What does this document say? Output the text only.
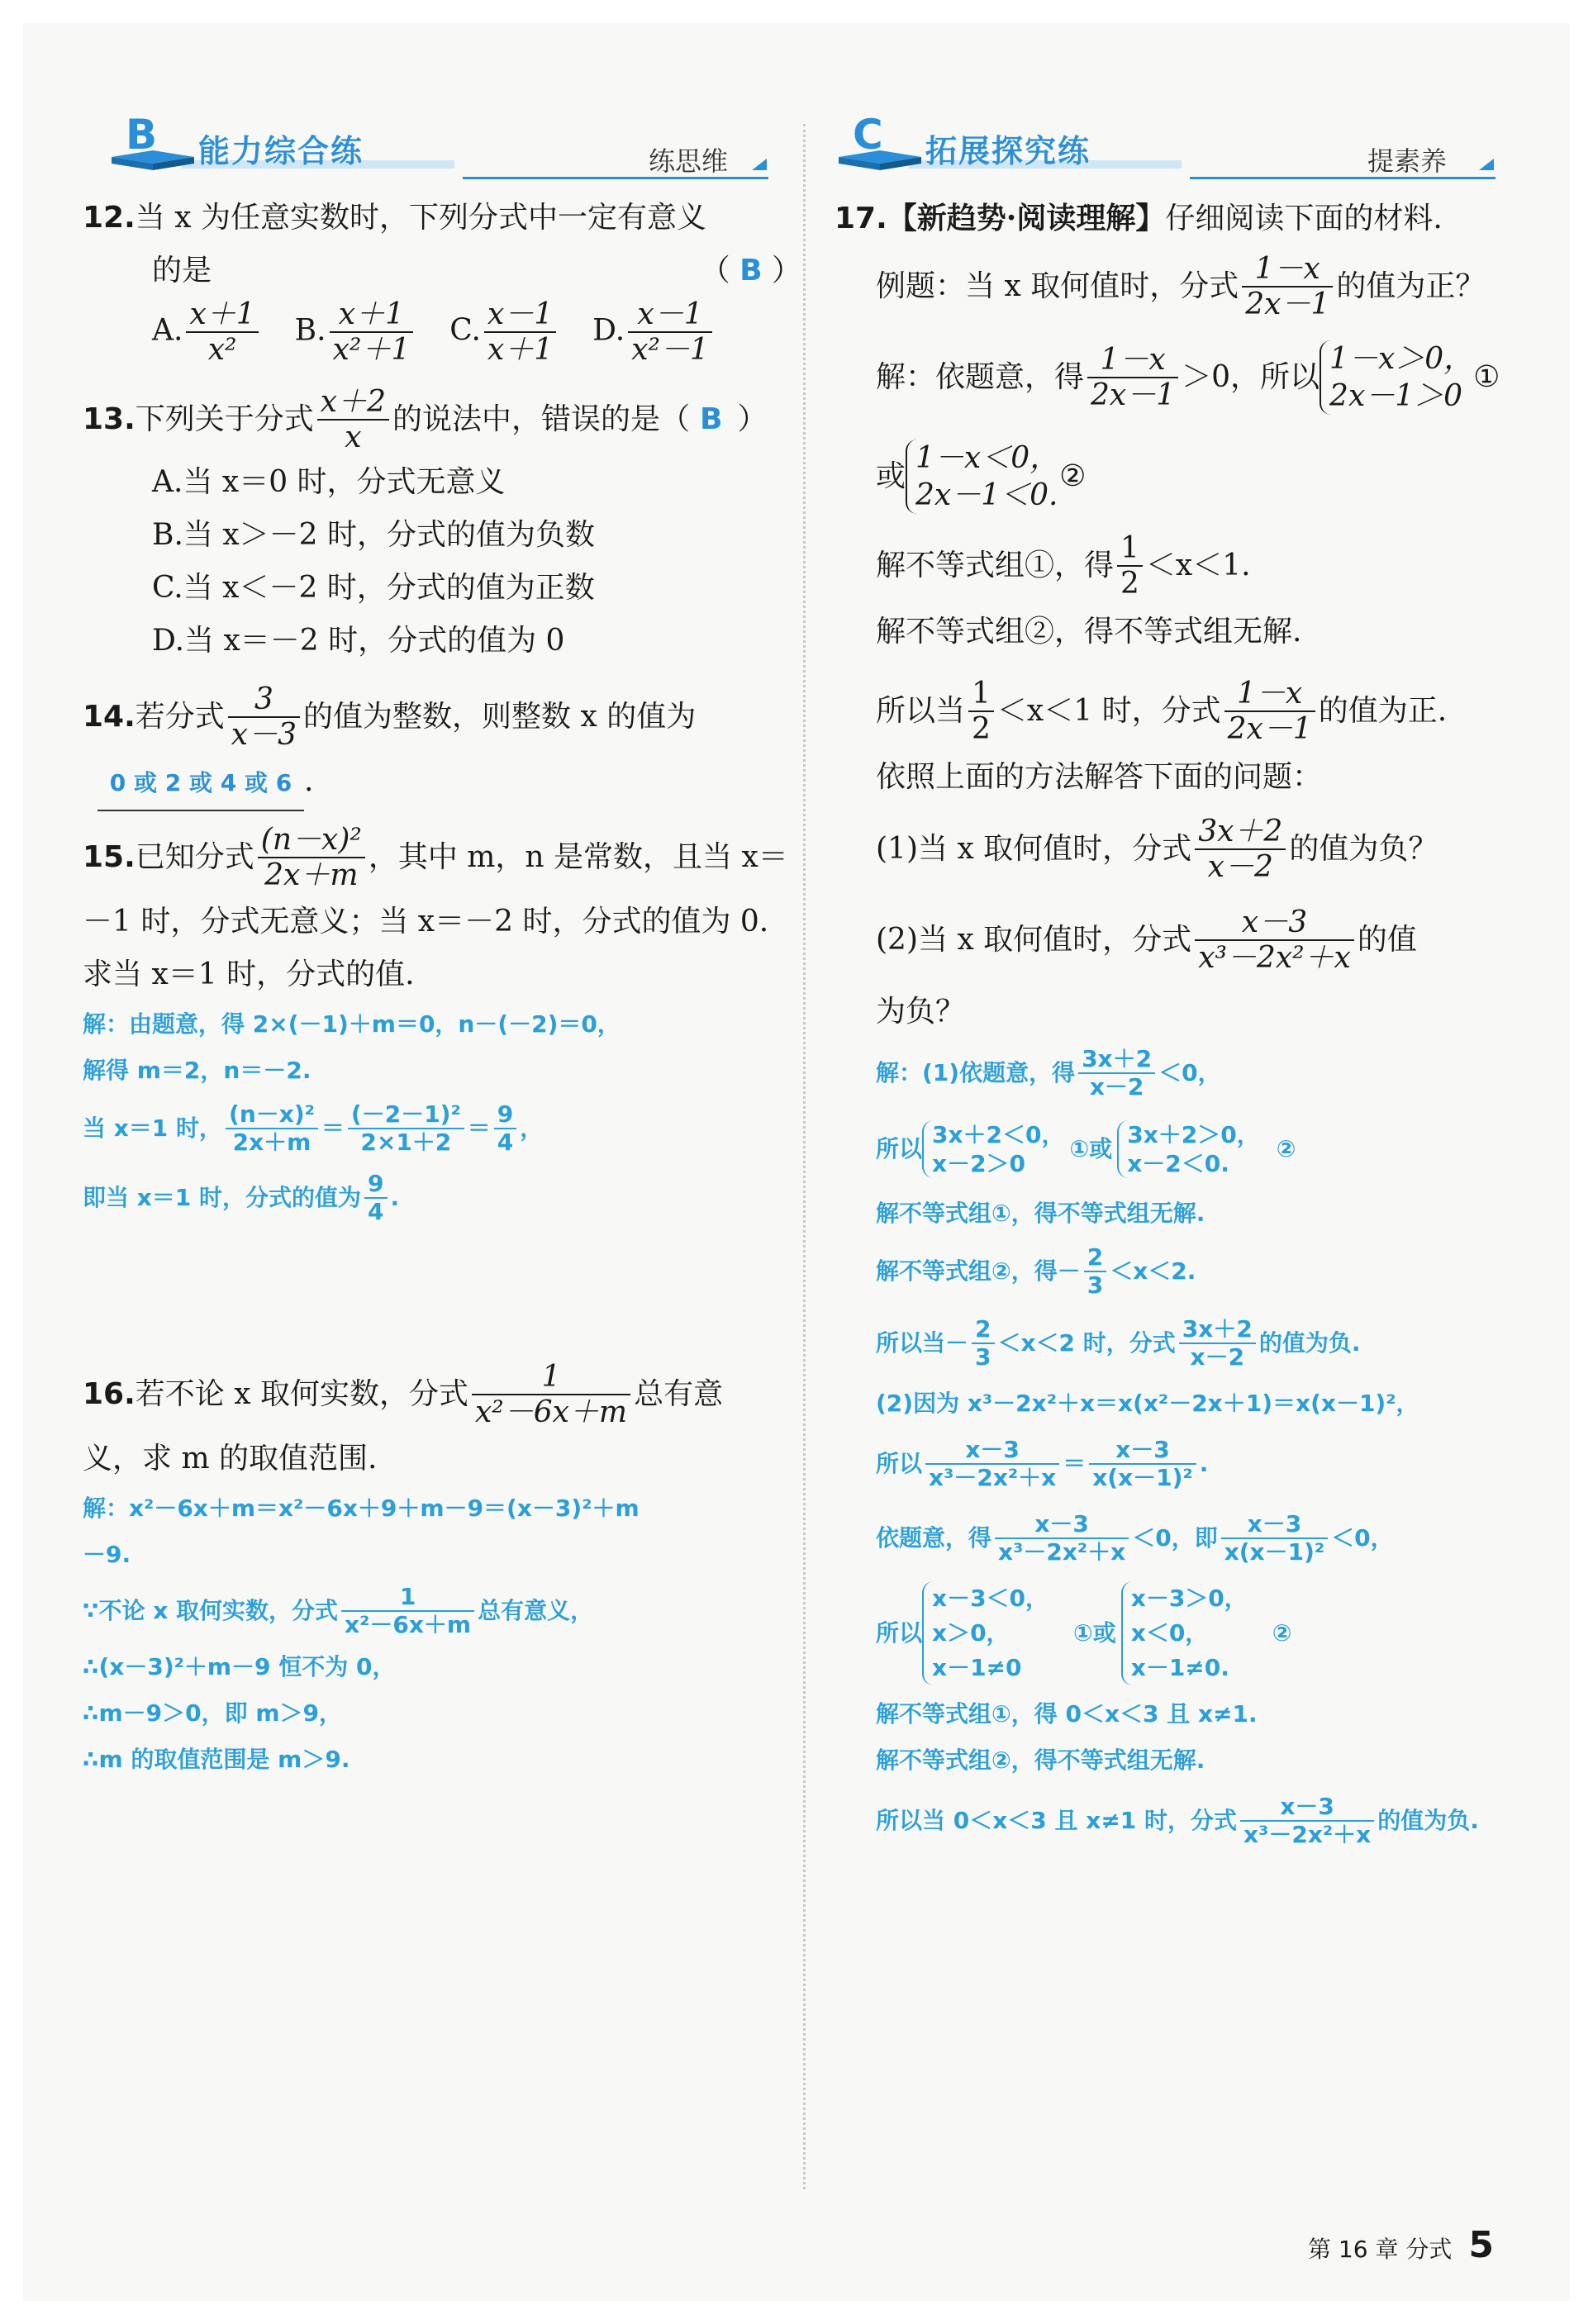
B 能力综合练	练思维
C 拓展探究练	提素养
12.当 x 为任意实数时，下列分式中一定有意义
的是	（ B ）
A. $\frac{x+1}{\text{x²}} B$. $\frac{x+1}{\text{x²＋1}} C$. $\frac{x-1}{x+1} D$. $\frac{x-1}{\text{x²－1}}$
13. 下列关于分式 $\frac{x+2}{x}$ 的说法中，错误的是（ B ）
A.当 x＝0 时，分式无意义
B.当 x＞－2 时，分式的值为负数
C.当 x＜－2 时，分式的值为正数
D.当 x＝－2 时，分式的值为 0
14. 若分式 $\frac{3}{x-3}$ 的值为整数，则整数 x 的值为
0 或 2 或 4 或 6 .
15. 已知分式 $\frac{\text{(n－x)²}}{2x+m}$ ，其中 m，n 是常数，且当 x＝
－1 时，分式无意义；当 x＝－2 时，分式的值为 0.
求当 x＝1 时，分式的值.
解：由题意，得 2×(－1)＋m＝0，n－(－2)＝0，
解得 m＝2，n＝－2.
当 x＝1 时， $\frac{\text{(n－x)²}}{2x+m} = \frac{\text{(－2－1)²}}{2\times 1+2} = \frac{9}{4}$ ，
即当 x＝1 时，分式的值为 $\frac{9}{4}$ .
16. 若不论 x 取何实数，分式 $\frac{1}{\text{x²－6x＋m}}$ 总有意
义，求 m 的取值范围.
解：x²－6x＋m＝x²－6x＋9＋m－9＝(x－3)²＋m
－9.
∵不论 x 取何实数，分式 $\frac{1}{\text{x²－6x＋m}}$ 总有意义，
∴(x－3)²＋m－9 恒不为 0，
∴m－9＞0，即 m＞9，
∴m 的取值范围是 m＞9.
17.【新趋势·阅读理解】仔细阅读下面的材料.
例题：当 x 取何值时，分式 $\frac{1-x}{2x-1}$ 的值为正？
解：依题意，得 $\frac{1-x}{2x-1} >0$，所以
1－x＞0，
2x－1＞0
①
或
1－x＜0，
2x－1＜0.
②
解不等式组①，得 $\frac{1}{2} <x<1$.
解不等式组②，得不等式组无解.
所以当 $\frac{1}{2} <x<1$ 时，分式 $\frac{1-x}{2x-1}$ 的值为正.
依照上面的方法解答下面的问题：
(1)当 x 取何值时，分式 $\frac{3x+2}{x-2}$ 的值为负？
(2)当 x 取何值时，分式 $\frac{x-3}{\text{x³－2x²＋x}}$ 的值
为负？
解：(1)依题意，得 $\frac{3x+2}{x-2} <0$，
所以
3x＋2＜0，
x－2＞0
①或
3x＋2＞0，
x－2＜0.
②
解不等式组①，得不等式组无解.
解不等式组②，得－ $\frac{2}{3} <x<2$.
所以当－ $\frac{2}{3} <x<2$ 时，分式 $\frac{3x+2}{x-2}$ 的值为负.
(2)因为 x³－2x²＋x＝x(x²－2x＋1)＝x(x－1)²，
所以 $\frac{x-3}{\text{x³－2x²＋x}} = \frac{x-3}{\text{x(x－1)²}}$ .
依题意，得 $\frac{x-3}{\text{x³－2x²＋x}} <0$，即 $\frac{x-3}{\text{x(x－1)²}} <0$，
所以
x－3＜0，
x＞0，
x－1≠0
①或
x－3＞0，
x＜0，
x－1≠0.
②
解不等式组①，得 0＜x＜3 且 x≠1.
解不等式组②，得不等式组无解.
所以当 0＜x＜3 且 x≠1 时，分式 $\frac{x-3}{\text{x³－2x²＋x}}$ 的值为负.
第 16 章 分式 5
